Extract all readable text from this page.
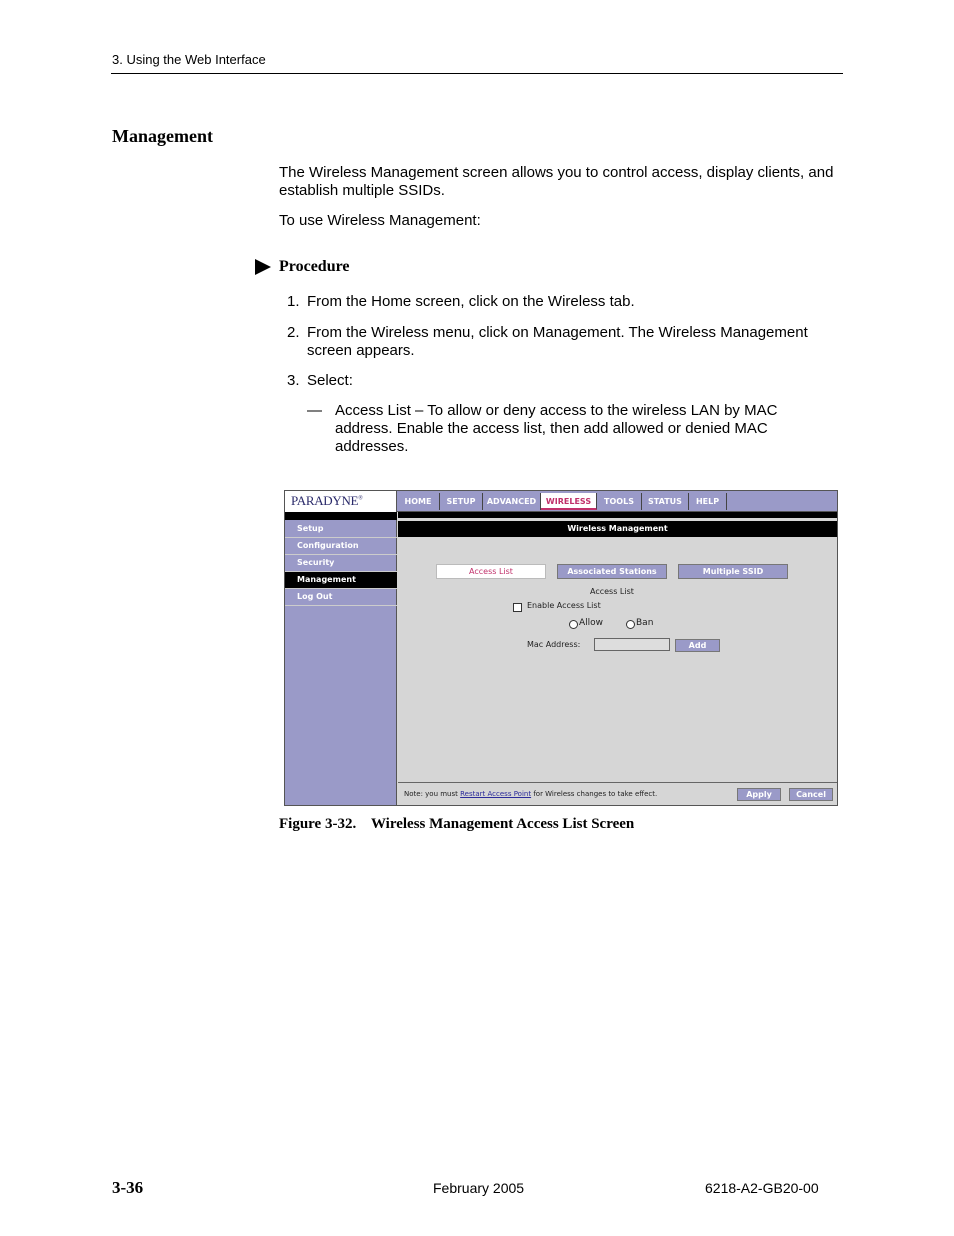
3. Using the Web Interface
Management
The Wireless Management screen allows you to control access, display clients, and establish multiple SSIDs.
To use Wireless Management:
Procedure
1. From the Home screen, click on the Wireless tab.
2. From the Wireless menu, click on Management. The Wireless Management screen appears.
3. Select:
— Access List – To allow or deny access to the wireless LAN by MAC address. Enable the access list, then add allowed or denied MAC addresses.
PARADYNE®	HOME	SETUP	ADVANCED	WIRELESS	TOOLS	STATUS	HELP
Setup
Configuration
Security
Management
Log Out
Wireless Management
Access List	Associated Stations	Multiple SSID
Access List
Enable Access List
Allow	Ban
Mac Address:	Add
Note: you must Restart Access Point for Wireless changes to take effect.	Apply	Cancel
Figure 3-32.    Wireless Management Access List Screen
3-36	February 2005	6218-A2-GB20-00
